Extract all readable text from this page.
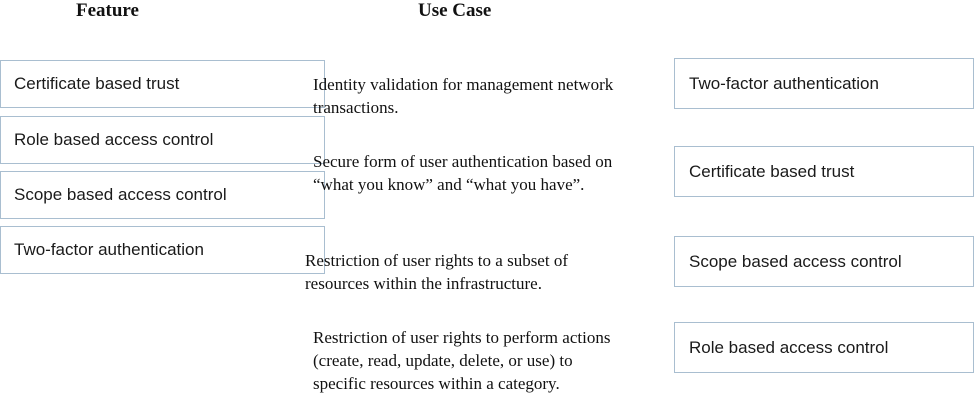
Feature	Use Case
Certificate based trust
Role based access control
Scope based access control
Two-factor authentication
Identity validation for management network
transactions.
Secure form of user authentication based on
“what you know” and “what you have”.
Restriction of user rights to a subset of
resources within the infrastructure.
Restriction of user rights to perform actions
(create, read, update, delete, or use) to
specific resources within a category.
Two-factor authentication
Certificate based trust
Scope based access control
Role based access control
